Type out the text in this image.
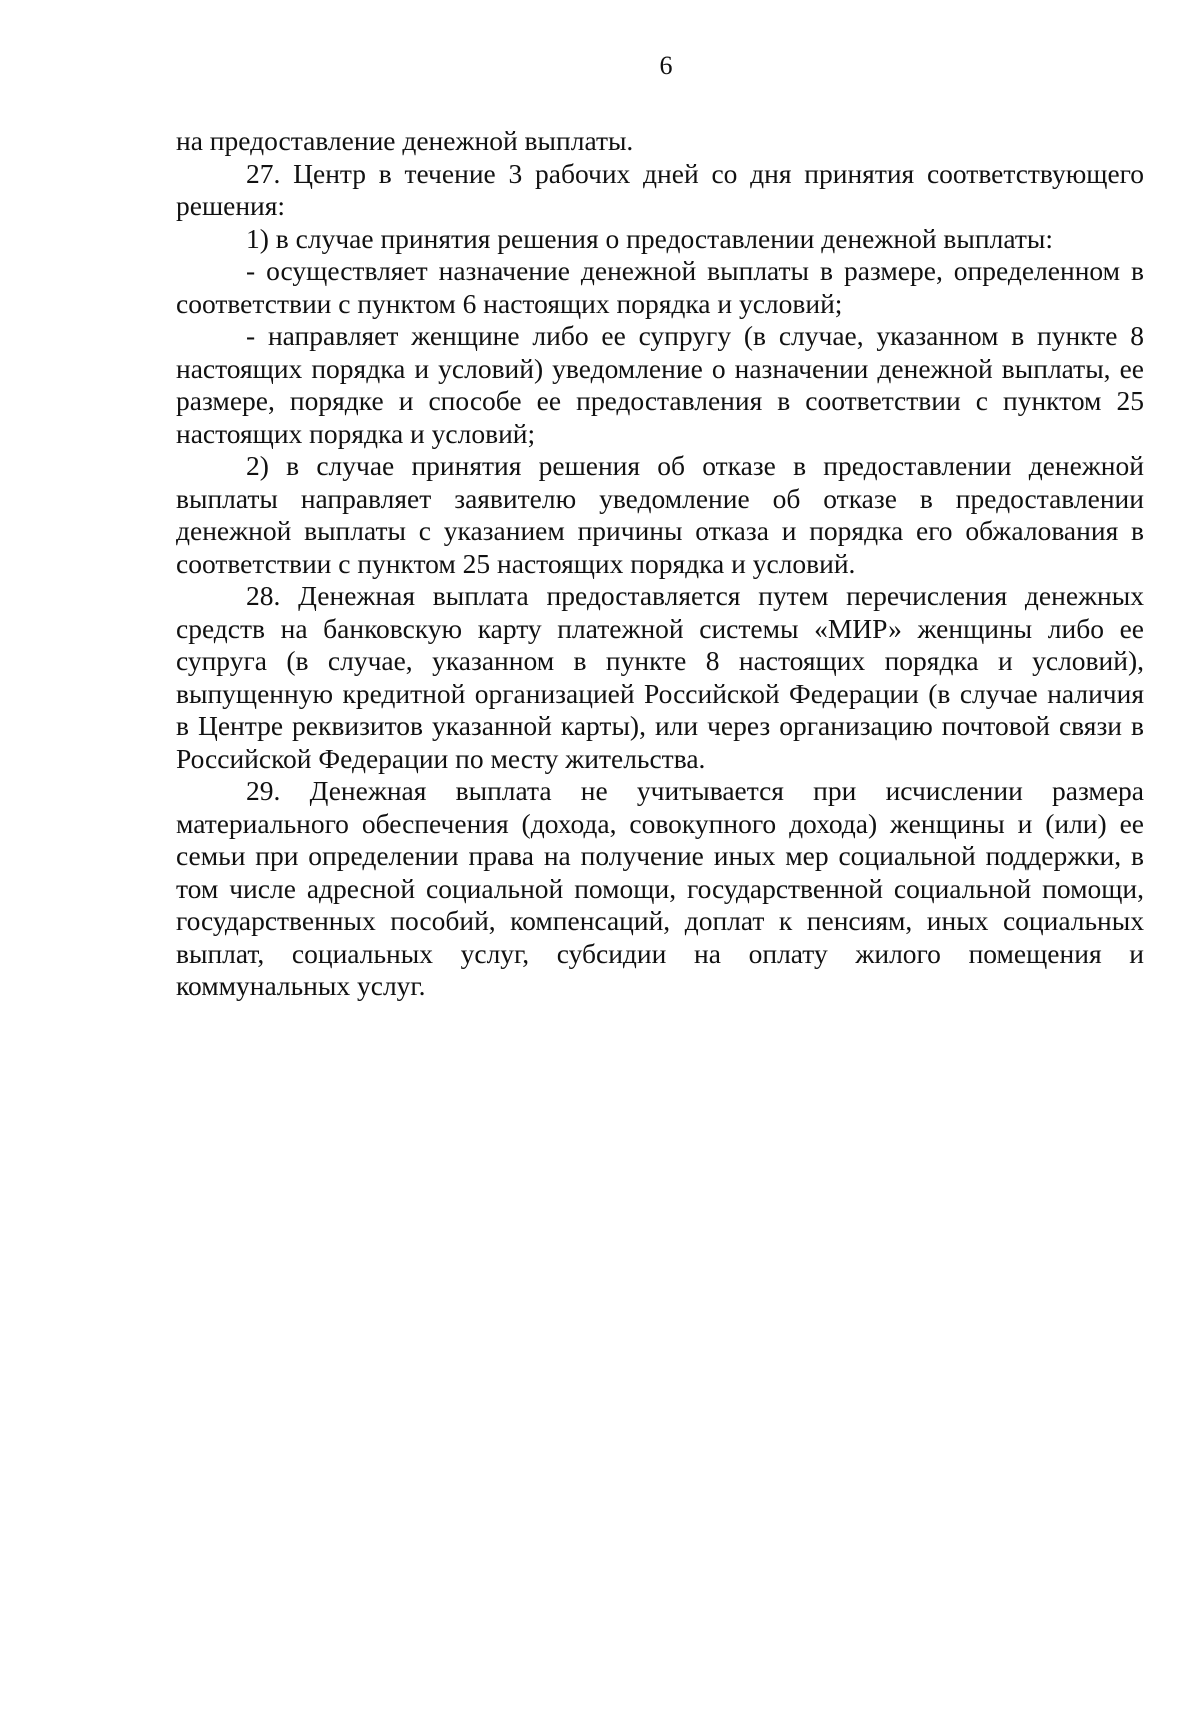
6

на предоставление денежной выплаты.

27. Центр в течение 3 рабочих дней со дня принятия соответствующего решения:

1) в случае принятия решения о предоставлении денежной выплаты:

- осуществляет назначение денежной выплаты в размере, определенном в соответствии с пунктом 6 настоящих порядка и условий;

- направляет женщине либо ее супругу (в случае, указанном в пункте 8 настоящих порядка и условий) уведомление о назначении денежной выплаты, ее размере, порядке и способе ее предоставления в соответствии с пунктом 25 настоящих порядка и условий;

2) в случае принятия решения об отказе в предоставлении денежной выплаты направляет заявителю уведомление об отказе в предоставлении денежной выплаты с указанием причины отказа и порядка его обжалования в соответствии с пунктом 25 настоящих порядка и условий.

28. Денежная выплата предоставляется путем перечисления денежных средств на банковскую карту платежной системы «МИР» женщины либо ее супруга (в случае, указанном в пункте 8 настоящих порядка и условий), выпущенную кредитной организацией Российской Федерации (в случае наличия в Центре реквизитов указанной карты), или через организацию почтовой связи в Российской Федерации по месту жительства.

29. Денежная выплата не учитывается при исчислении размера материального обеспечения (дохода, совокупного дохода) женщины и (или) ее семьи при определении права на получение иных мер социальной поддержки, в том числе адресной социальной помощи, государственной социальной помощи, государственных пособий, компенсаций, доплат к пенсиям, иных социальных выплат, социальных услуг, субсидии на оплату жилого помещения и коммунальных услуг.
